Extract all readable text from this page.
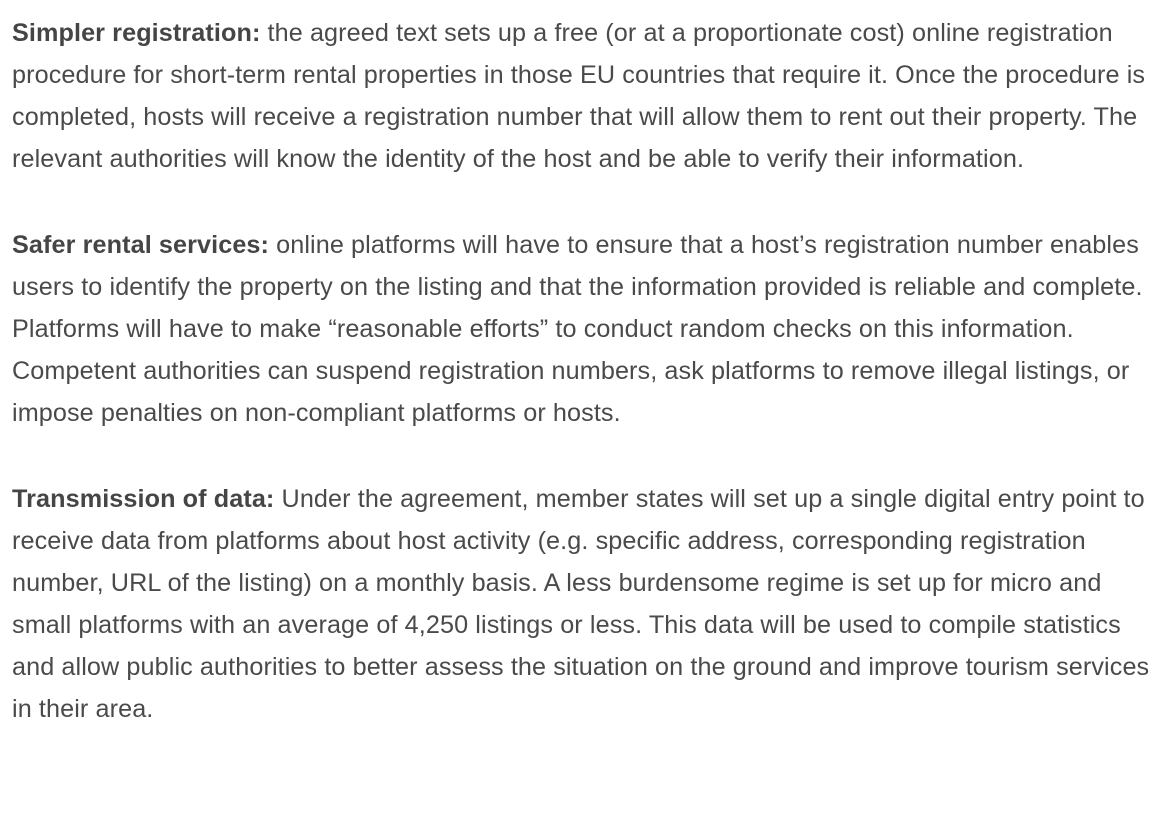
Simpler registration: the agreed text sets up a free (or at a proportionate cost) online registration procedure for short-term rental properties in those EU countries that require it. Once the procedure is completed, hosts will receive a registration number that will allow them to rent out their property. The relevant authorities will know the identity of the host and be able to verify their information.

Safer rental services: online platforms will have to ensure that a host’s registration number enables users to identify the property on the listing and that the information provided is reliable and complete. Platforms will have to make “reasonable efforts” to conduct random checks on this information. Competent authorities can suspend registration numbers, ask platforms to remove illegal listings, or impose penalties on non-compliant platforms or hosts.

Transmission of data: Under the agreement, member states will set up a single digital entry point to receive data from platforms about host activity (e.g. specific address, corresponding registration number, URL of the listing) on a monthly basis. A less burdensome regime is set up for micro and small platforms with an average of 4,250 listings or less. This data will be used to compile statistics and allow public authorities to better assess the situation on the ground and improve tourism services in their area.
